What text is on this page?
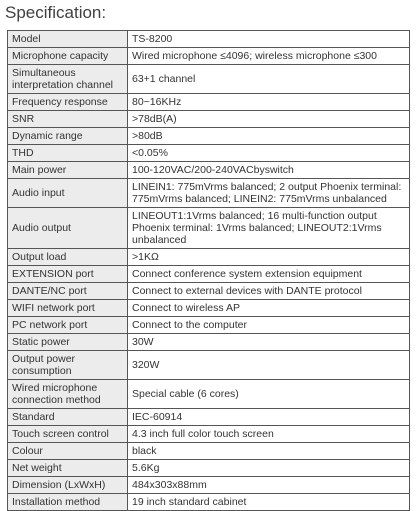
Specification:
Model	TS-8200
Microphone capacity	Wired microphone ≤4096; wireless microphone ≤300
Simultaneous interpretation channel	63+1 channel
Frequency response	80~16KHz
SNR	>78dB(A)
Dynamic range	>80dB
THD	<0.05%
Main power	100-120VAC/200-240VACbyswitch
Audio input	LINEIN1: 775mVrms balanced; 2 output Phoenix terminal: 775mVrms balanced; LINEIN2: 775mVrms unbalanced
Audio output	LINEOUT1:1Vrms balanced; 16 multi-function output Phoenix terminal: 1Vrms balanced; LINEOUT2:1Vrms unbalanced
Output load	>1KΩ
EXTENSION port	Connect conference system extension equipment
DANTE/NC port	Connect to external devices with DANTE protocol
WIFI network port	Connect to wireless AP
PC network port	Connect to the computer
Static power	30W
Output power consumption	320W
Wired microphone connection method	Special cable (6 cores)
Standard	IEC-60914
Touch screen control	4.3 inch full color touch screen
Colour	black
Net weight	5.6Kg
Dimension (LxWxH)	484x303x88mm
Installation method	19 inch standard cabinet
